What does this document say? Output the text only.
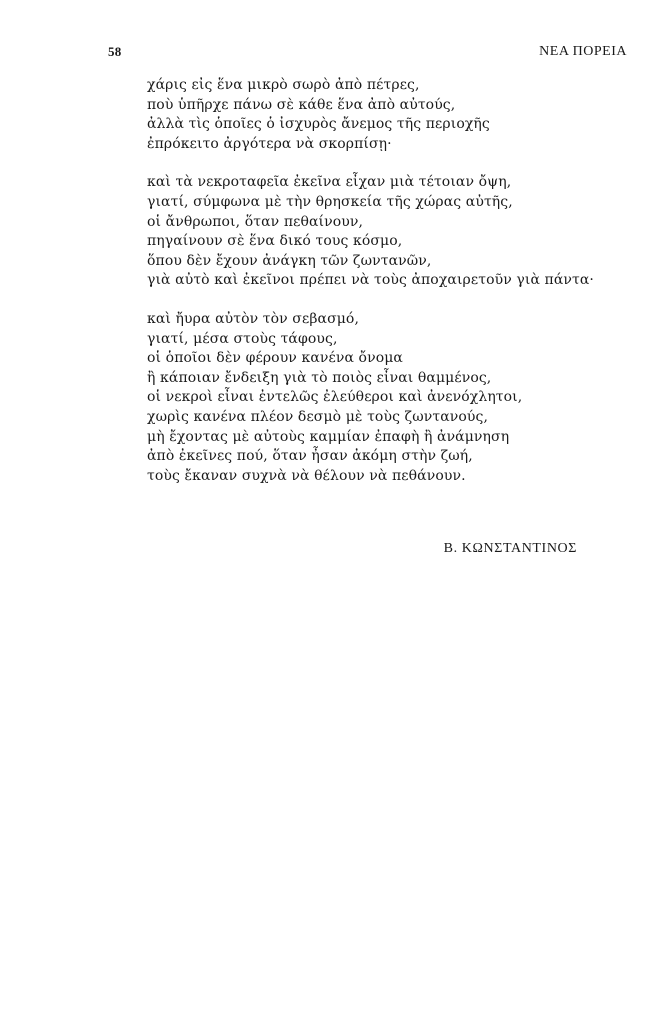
58	ΝΕΑ ΠΟΡΕΙΑ
χάρις εἰς ἕνα μικρὸ σωρὸ ἀπὸ πέτρες,
ποὺ ὑπῆρχε πάνω σὲ κάθε ἕνα ἀπὸ αὐτούς,
ἀλλὰ τὶς ὁποῖες ὁ ἰσχυρὸς ἄνεμος τῆς περιοχῆς
ἐπρόκειτο ἀργότερα νὰ σκορπίσῃ·
καὶ τὰ νεκροταφεῖα ἐκεῖνα εἶχαν μιὰ τέτοιαν ὄψη,
γιατί, σύμφωνα μὲ τὴν θρησκεία τῆς χώρας αὐτῆς,
οἱ ἄνθρωποι, ὅταν πεθαίνουν,
πηγαίνουν σὲ ἕνα δικό τους κόσμο,
ὅπου δὲν ἔχουν ἀνάγκη τῶν ζωντανῶν,
γιὰ αὐτὸ καὶ ἐκεῖνοι πρέπει νὰ τοὺς ἀποχαιρετοῦν γιὰ πάντα·
καὶ ἤυρα αὐτὸν τὸν σεβασμό,
γιατί, μέσα στοὺς τάφους,
οἱ ὁποῖοι δὲν φέρουν κανένα ὄνομα
ἢ κάποιαν ἔνδειξη γιὰ τὸ ποιὸς εἶναι θαμμένος,
οἱ νεκροὶ εἶναι ἐντελῶς ἐλεύθεροι καὶ ἀνενόχλητοι,
χωρὶς κανένα πλέον δεσμὸ μὲ τοὺς ζωντανούς,
μὴ ἔχοντας μὲ αὐτοὺς καμμίαν ἐπαφὴ ἢ ἀνάμνηση
ἀπὸ ἐκεῖνες πού, ὅταν ἦσαν ἀκόμη στὴν ζωή,
τοὺς ἔκαναν συχνὰ νὰ θέλουν νὰ πεθάνουν.
Β. ΚΩΝΣΤΑΝΤΙΝΟΣ
